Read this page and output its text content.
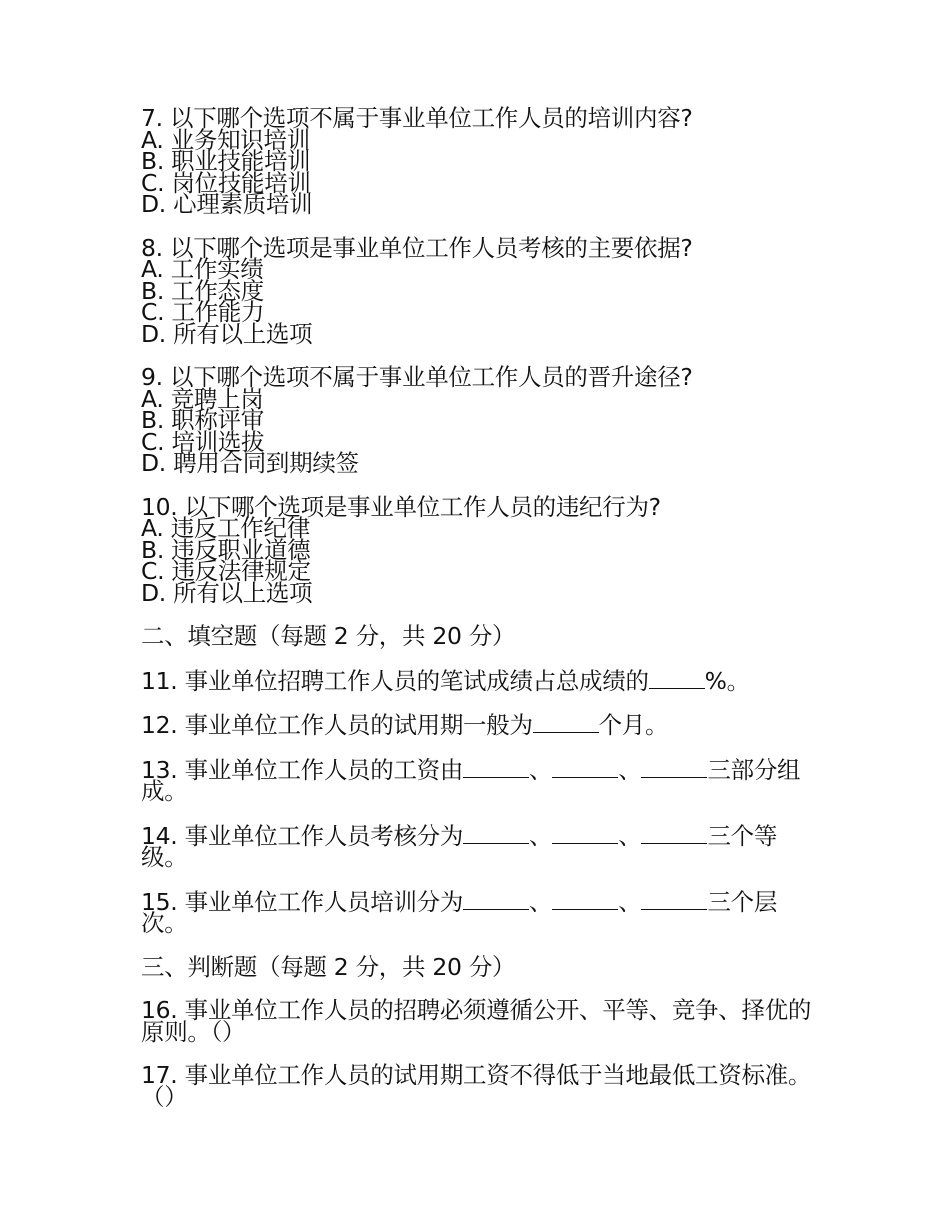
7. 以下哪个选项不属于事业单位工作人员的培训内容?
A. 业务知识培训
B. 职业技能培训
C. 岗位技能培训
D. 心理素质培训
8. 以下哪个选项是事业单位工作人员考核的主要依据?
A. 工作实绩
B. 工作态度
C. 工作能力
D. 所有以上选项
9. 以下哪个选项不属于事业单位工作人员的晋升途径?
A. 竞聘上岗
B. 职称评审
C. 培训选拔
D. 聘用合同到期续签
10. 以下哪个选项是事业单位工作人员的违纪行为?
A. 违反工作纪律
B. 违反职业道德
C. 违反法律规定
D. 所有以上选项
二、填空题（每题 2 分，共 20 分）
11. 事业单位招聘工作人员的笔试成绩占总成绩的 %。
12. 事业单位工作人员的试用期一般为	个月。
13. 事业单位工作人员的工资由	、	、	三部分组成。
14. 事业单位工作人员考核分为	、	、	三个等级。
15. 事业单位工作人员培训分为	、	、	三个层次。
三、判断题（每题 2 分，共 20 分）
16. 事业单位工作人员的招聘必须遵循公开、平等、竞争、择优的原则。（）
17. 事业单位工作人员的试用期工资不得低于当地最低工资标准。（）
